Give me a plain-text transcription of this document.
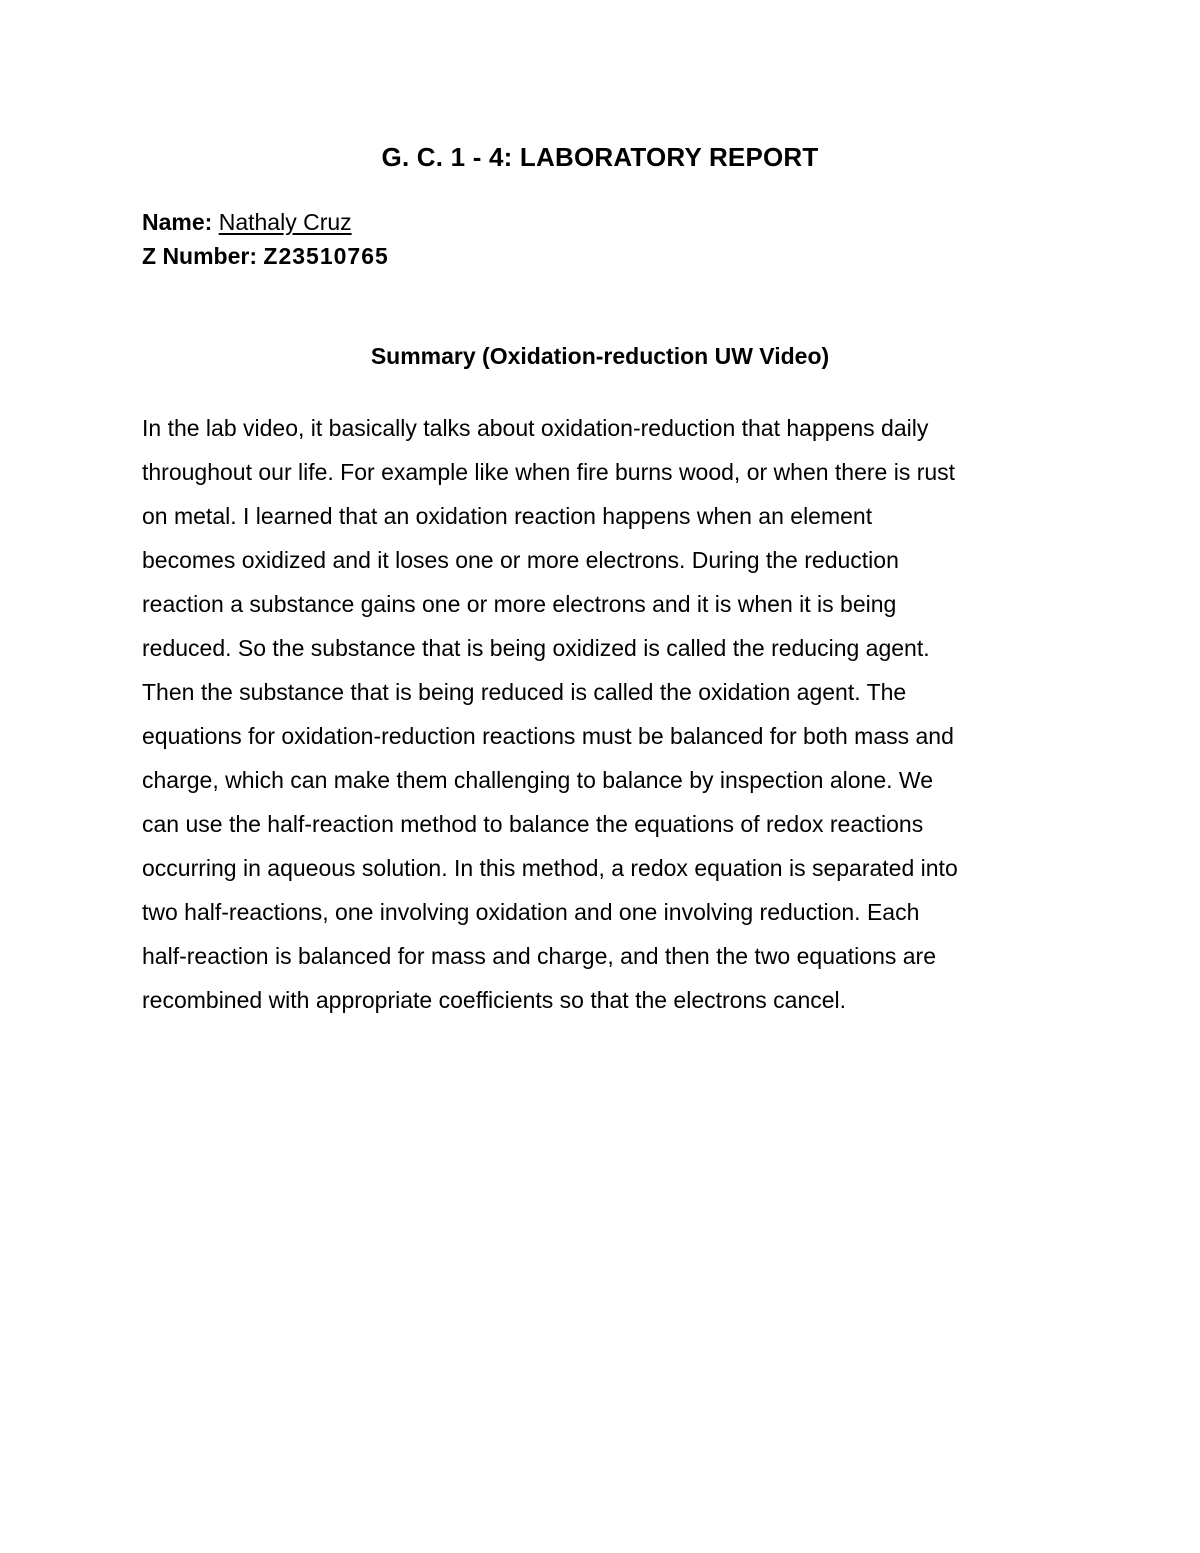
G. C. 1 - 4: LABORATORY REPORT
Name: Nathaly Cruz
Z Number: Z23510765
Summary (Oxidation-reduction UW Video)

In the lab video, it basically talks about oxidation-reduction that happens daily
throughout our life. For example like when fire burns wood, or when there is rust
on metal. I learned that an oxidation reaction happens when an element
becomes oxidized and it loses one or more electrons. During the reduction
reaction a substance gains one or more electrons and it is when it is being
reduced. So the substance that is being oxidized is called the reducing agent.
Then the substance that is being reduced is called the oxidation agent. The
equations for oxidation-reduction reactions must be balanced for both mass and
charge, which can make them challenging to balance by inspection alone. We
can use the half-reaction method to balance the equations of redox reactions
occurring in aqueous solution. In this method, a redox equation is separated into
two half-reactions, one involving oxidation and one involving reduction. Each
half-reaction is balanced for mass and charge, and then the two equations are
recombined with appropriate coefficients so that the electrons cancel.
